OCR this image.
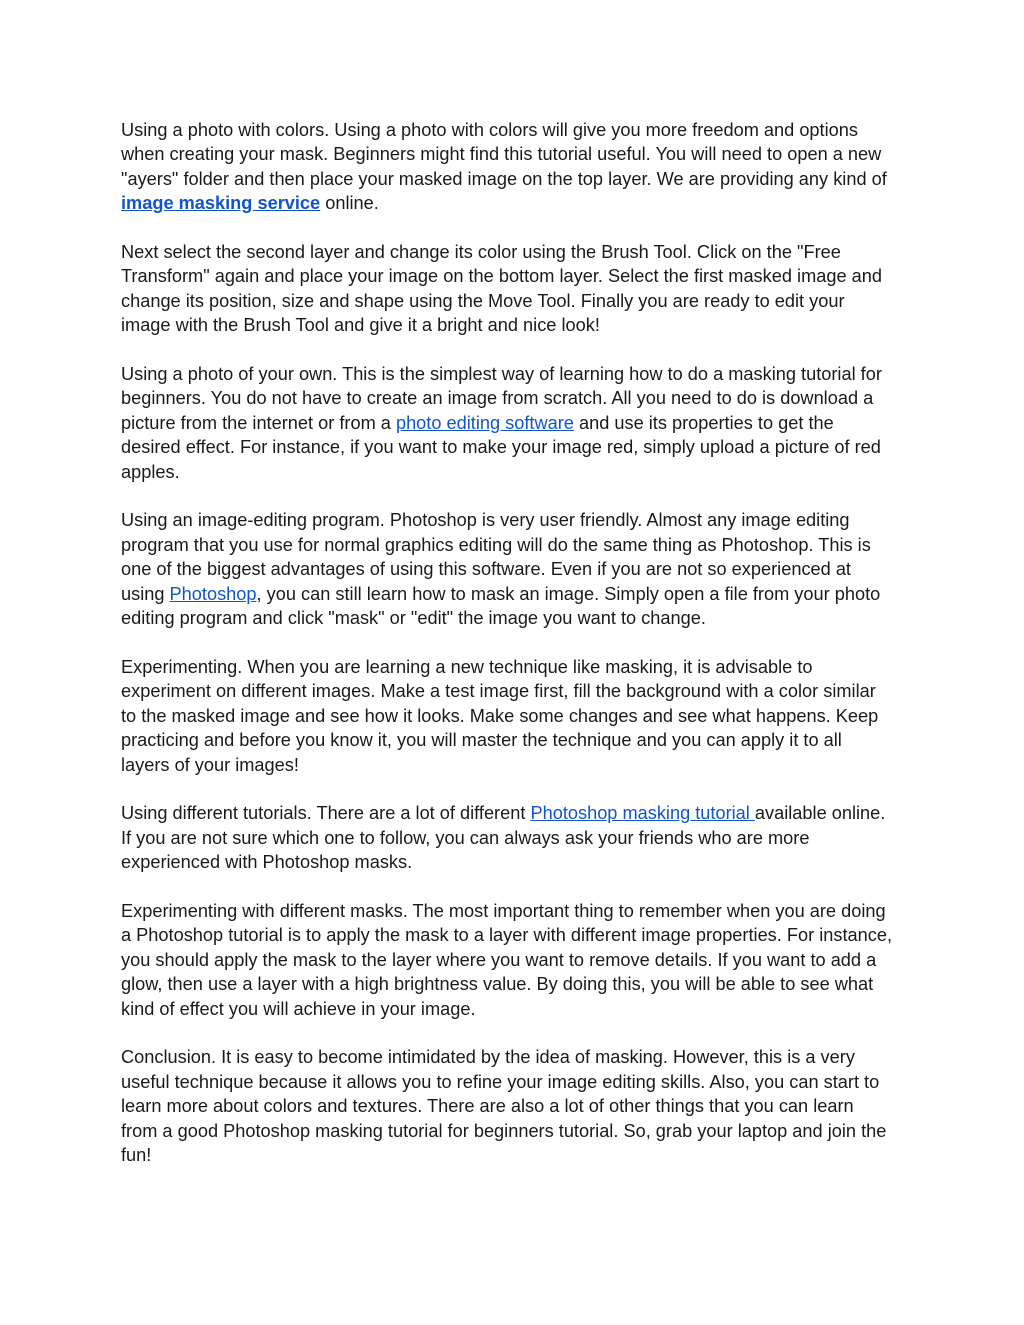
Using a photo with colors. Using a photo with colors will give you more freedom and options
when creating your mask. Beginners might find this tutorial useful. You will need to open a new
"ayers" folder and then place your masked image on the top layer. We are providing any kind of
image masking service online.

Next select the second layer and change its color using the Brush Tool. Click on the "Free
Transform" again and place your image on the bottom layer. Select the first masked image and
change its position, size and shape using the Move Tool. Finally you are ready to edit your
image with the Brush Tool and give it a bright and nice look!

Using a photo of your own. This is the simplest way of learning how to do a masking tutorial for
beginners. You do not have to create an image from scratch. All you need to do is download a
picture from the internet or from a photo editing software and use its properties to get the
desired effect. For instance, if you want to make your image red, simply upload a picture of red
apples.

Using an image-editing program. Photoshop is very user friendly. Almost any image editing
program that you use for normal graphics editing will do the same thing as Photoshop. This is
one of the biggest advantages of using this software. Even if you are not so experienced at
using Photoshop, you can still learn how to mask an image. Simply open a file from your photo
editing program and click "mask" or "edit" the image you want to change.

Experimenting. When you are learning a new technique like masking, it is advisable to
experiment on different images. Make a test image first, fill the background with a color similar
to the masked image and see how it looks. Make some changes and see what happens. Keep
practicing and before you know it, you will master the technique and you can apply it to all
layers of your images!

Using different tutorials. There are a lot of different Photoshop masking tutorial available online.
If you are not sure which one to follow, you can always ask your friends who are more
experienced with Photoshop masks.

Experimenting with different masks. The most important thing to remember when you are doing
a Photoshop tutorial is to apply the mask to a layer with different image properties. For instance,
you should apply the mask to the layer where you want to remove details. If you want to add a
glow, then use a layer with a high brightness value. By doing this, you will be able to see what
kind of effect you will achieve in your image.

Conclusion. It is easy to become intimidated by the idea of masking. However, this is a very
useful technique because it allows you to refine your image editing skills. Also, you can start to
learn more about colors and textures. There are also a lot of other things that you can learn
from a good Photoshop masking tutorial for beginners tutorial. So, grab your laptop and join the
fun!
